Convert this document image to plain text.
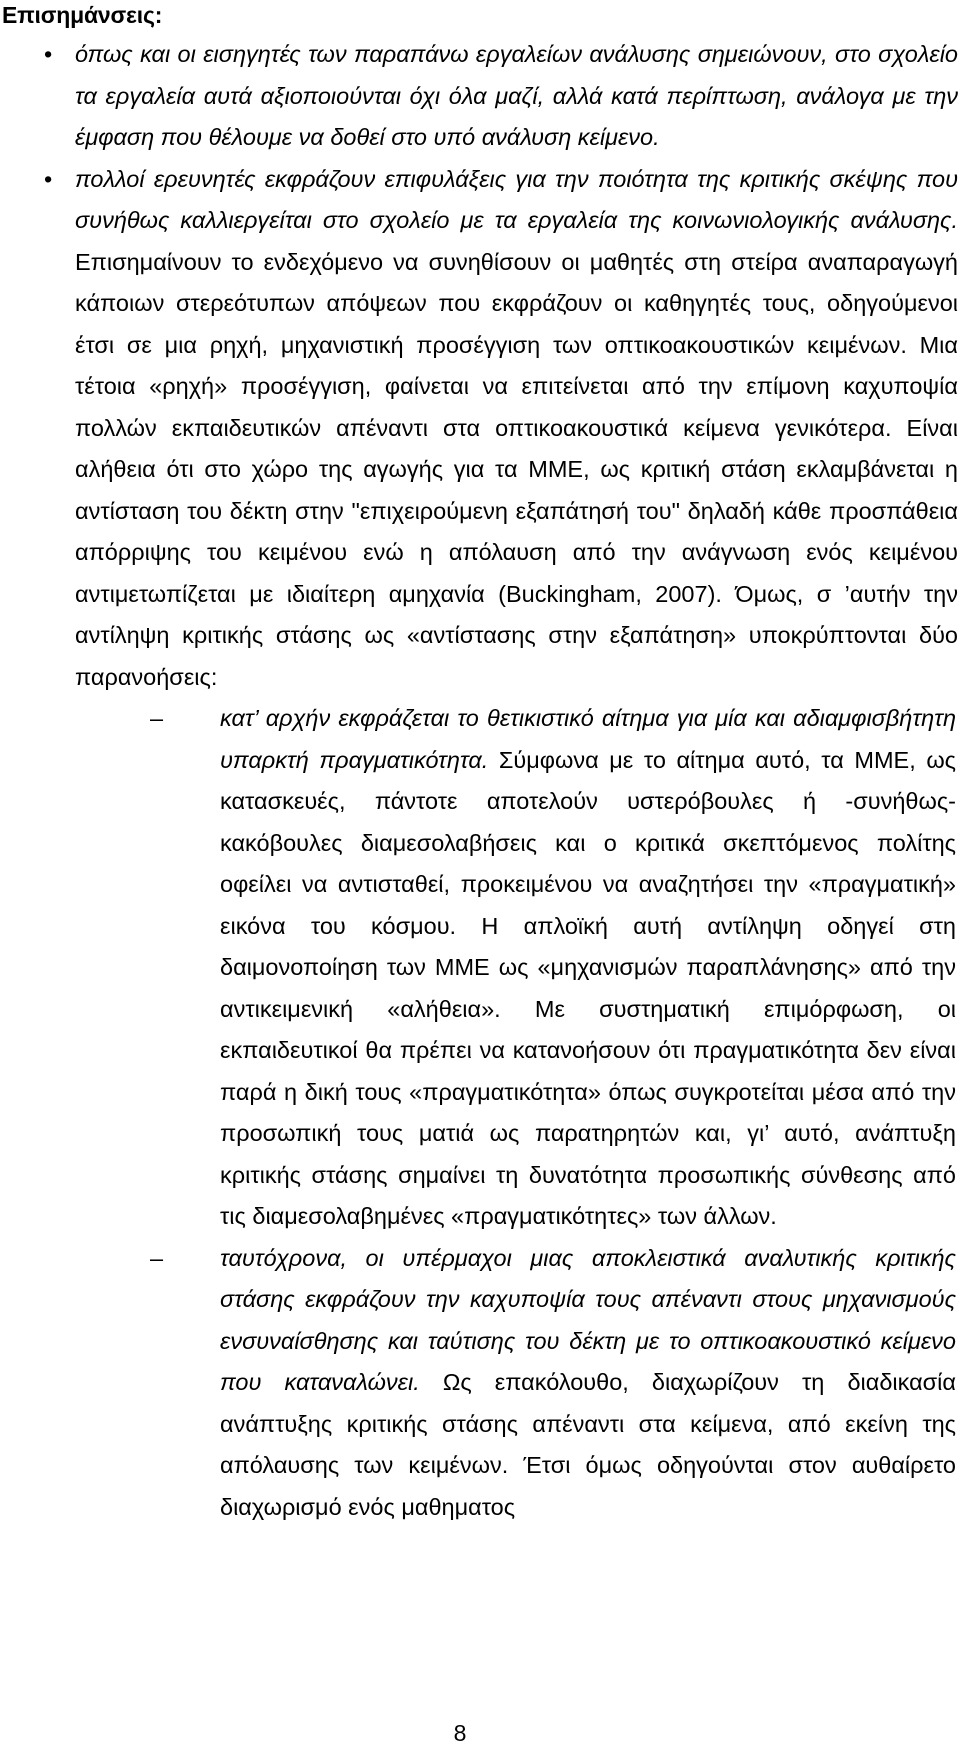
Επισημάνσεις:
• όπως και οι εισηγητές των παραπάνω εργαλείων ανάλυσης σημειώνουν, στο σχολείο τα εργαλεία αυτά αξιοποιούνται όχι όλα μαζί, αλλά κατά περίπτωση, ανάλογα με την έμφαση που θέλουμε να δοθεί στο υπό ανάλυση κείμενο.
• πολλοί ερευνητές εκφράζουν επιφυλάξεις για την ποιότητα της κριτικής σκέψης που συνήθως καλλιεργείται στο σχολείο με τα εργαλεία της κοινωνιολογικής ανάλυσης. Επισημαίνουν το ενδεχόμενο να συνηθίσουν οι μαθητές στη στείρα αναπαραγωγή κάποιων στερεότυπων απόψεων που εκφράζουν οι καθηγητές τους, οδηγούμενοι έτσι σε μια ρηχή, μηχανιστική προσέγγιση των οπτικοακουστικών κειμένων. Μια τέτοια «ρηχή» προσέγγιση, φαίνεται να επιτείνεται από την επίμονη καχυποψία πολλών εκπαιδευτικών απέναντι στα οπτικοακουστικά κείμενα γενικότερα. Είναι αλήθεια ότι στο χώρο της αγωγής για τα ΜΜΕ, ως κριτική στάση εκλαμβάνεται η αντίσταση του δέκτη στην "επιχειρούμενη εξαπάτησή του" δηλαδή κάθε προσπάθεια απόρριψης του κειμένου ενώ η απόλαυση από την ανάγνωση ενός κειμένου αντιμετωπίζεται με ιδιαίτερη αμηχανία (Buckingham, 2007). Όμως, σ ’αυτήν την αντίληψη κριτικής στάσης ως «αντίστασης στην εξαπάτηση» υποκρύπτονται δύο παρανοήσεις:
– κατ’ αρχήν εκφράζεται το θετικιστικό αίτημα για μία και αδιαμφισβήτητη υπαρκτή πραγματικότητα. Σύμφωνα με το αίτημα αυτό, τα ΜΜΕ, ως κατασκευές, πάντοτε αποτελούν υστερόβουλες ή -συνήθως- κακόβουλες διαμεσολαβήσεις και ο κριτικά σκεπτόμενος πολίτης οφείλει να αντισταθεί, προκειμένου να αναζητήσει την «πραγματική» εικόνα του κόσμου. Η απλοϊκή αυτή αντίληψη οδηγεί στη δαιμονοποίηση των ΜΜΕ ως «μηχανισμών παραπλάνησης» από την αντικειμενική «αλήθεια». Με συστηματική επιμόρφωση, οι εκπαιδευτικοί θα πρέπει να κατανοήσουν ότι πραγματικότητα δεν είναι παρά η δική τους «πραγματικότητα» όπως συγκροτείται μέσα από την προσωπική τους ματιά ως παρατηρητών και, γι’ αυτό, ανάπτυξη κριτικής στάσης σημαίνει τη δυνατότητα προσωπικής σύνθεσης από τις διαμεσολαβημένες «πραγματικότητες» των άλλων.
– ταυτόχρονα, οι υπέρμαχοι μιας αποκλειστικά αναλυτικής κριτικής στάσης εκφράζουν την καχυποψία τους απέναντι στους μηχανισμούς ενσυναίσθησης και ταύτισης του δέκτη με το οπτικοακουστικό κείμενο που καταναλώνει. Ως επακόλουθο, διαχωρίζουν τη διαδικασία ανάπτυξης κριτικής στάσης απέναντι στα κείμενα, από εκείνη της απόλαυσης των κειμένων. Έτσι όμως οδηγούνται στον αυθαίρετο διαχωρισμό ενός μαθηματος
8
